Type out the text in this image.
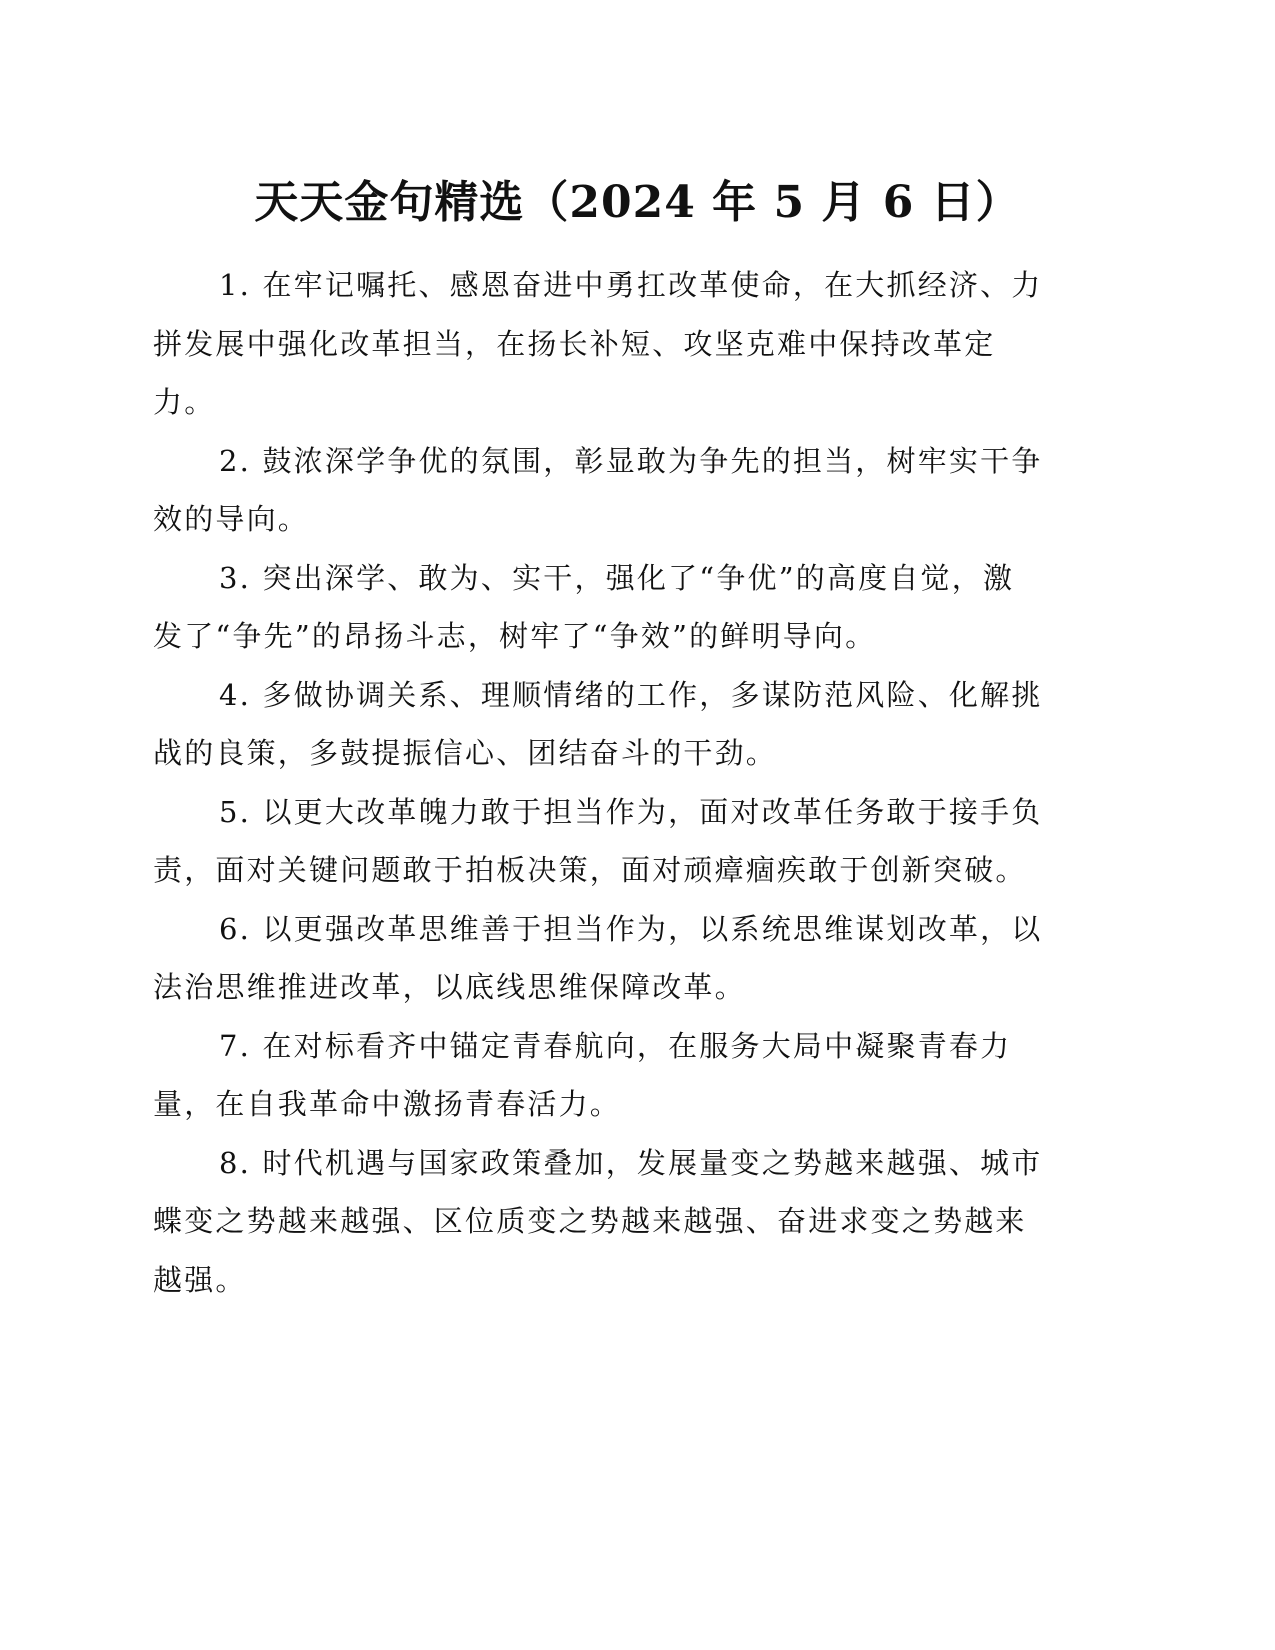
天天金句精选（2024 年 5 月 6 日）

1. 在牢记嘱托、感恩奋进中勇扛改革使命，在大抓经济、力
拼发展中强化改革担当，在扬长补短、攻坚克难中保持改革定
力。

2. 鼓浓深学争优的氛围，彰显敢为争先的担当，树牢实干争
效的导向。

3. 突出深学、敢为、实干，强化了“争优”的高度自觉，激
发了“争先”的昂扬斗志，树牢了“争效”的鲜明导向。

4. 多做协调关系、理顺情绪的工作，多谋防范风险、化解挑
战的良策，多鼓提振信心、团结奋斗的干劲。

5. 以更大改革魄力敢于担当作为，面对改革任务敢于接手负
责，面对关键问题敢于拍板决策，面对顽瘴痼疾敢于创新突破。

6. 以更强改革思维善于担当作为，以系统思维谋划改革，以
法治思维推进改革，以底线思维保障改革。

7. 在对标看齐中锚定青春航向，在服务大局中凝聚青春力
量，在自我革命中激扬青春活力。

8. 时代机遇与国家政策叠加，发展量变之势越来越强、城市
蝶变之势越来越强、区位质变之势越来越强、奋进求变之势越来
越强。
